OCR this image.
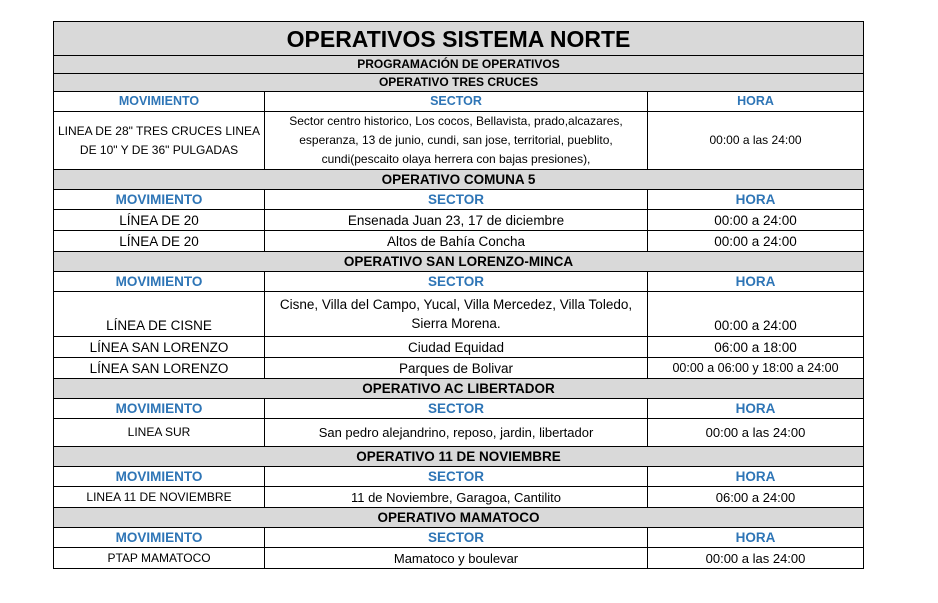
OPERATIVOS SISTEMA NORTE		
PROGRAMACIÓN DE OPERATIVOS		
OPERATIVO TRES CRUCES		
MOVIMIENTO	SECTOR	HORA
LINEA DE 28" TRES CRUCES LINEA DE 10" Y DE 36" PULGADAS	Sector centro historico, Los cocos, Bellavista, prado,alcazares, esperanza, 13 de junio, cundi, san jose, territorial, pueblito, cundi(pescaito olaya herrera con bajas presiones),	00:00 a las 24:00
OPERATIVO COMUNA 5		
MOVIMIENTO	SECTOR	HORA
LÍNEA DE 20	Ensenada Juan 23, 17 de diciembre	00:00 a 24:00
LÍNEA DE 20	Altos de Bahía Concha	00:00 a 24:00
OPERATIVO SAN LORENZO-MINCA		
MOVIMIENTO	SECTOR	HORA
LÍNEA DE CISNE	Cisne, Villa del Campo, Yucal, Villa Mercedez, Villa Toledo, Sierra Morena.	00:00 a 24:00
LÍNEA SAN LORENZO	Ciudad Equidad	06:00 a 18:00
LÍNEA SAN LORENZO	Parques de Bolivar	00:00 a 06:00 y 18:00 a 24:00
OPERATIVO AC LIBERTADOR		
MOVIMIENTO	SECTOR	HORA
LINEA SUR	San pedro alejandrino, reposo, jardin, libertador	00:00 a las 24:00
OPERATIVO 11 DE NOVIEMBRE		
MOVIMIENTO	SECTOR	HORA
LINEA 11 DE NOVIEMBRE	11 de Noviembre, Garagoa, Cantilito	06:00 a 24:00
OPERATIVO MAMATOCO		
MOVIMIENTO	SECTOR	HORA
PTAP MAMATOCO	Mamatoco y boulevar	00:00 a las 24:00
